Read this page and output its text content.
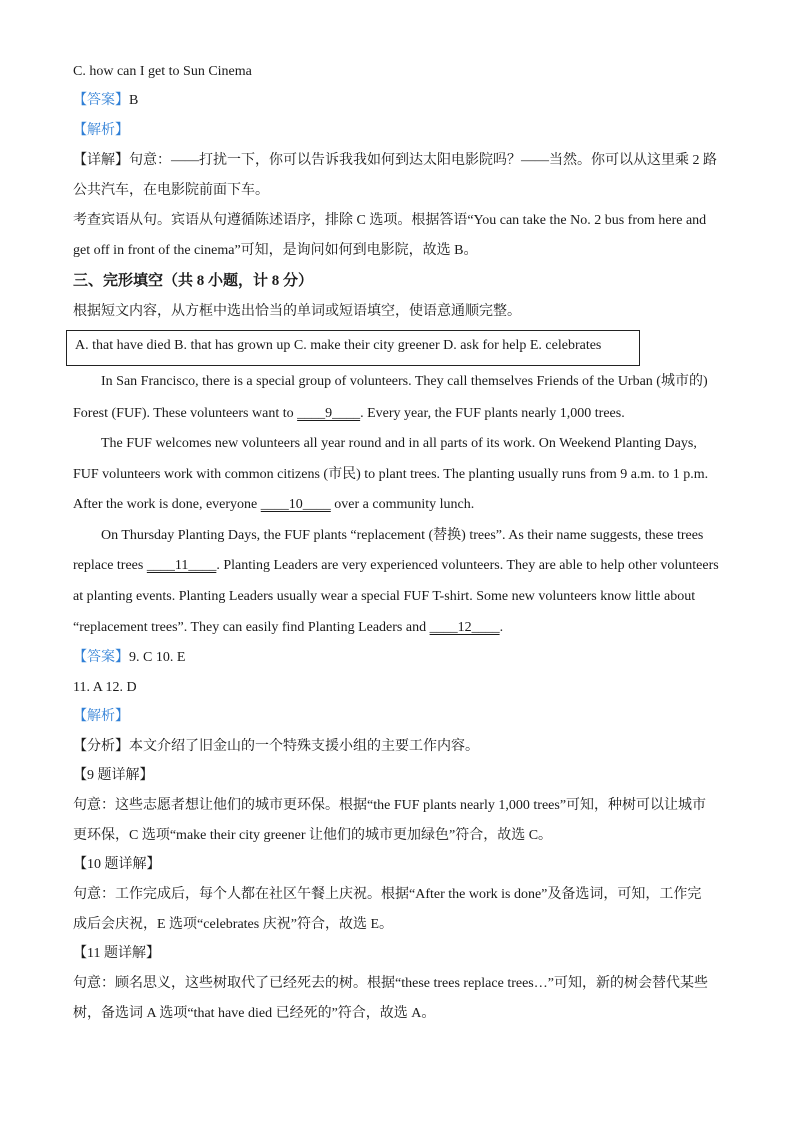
C. how can I get to Sun Cinema
【答案】B
【解析】
【详解】句意：——打扰一下，你可以告诉我我如何到达太阳电影院吗？——当然。你可以从这里乘 2 路
公共汽车，在电影院前面下车。
考查宾语从句。宾语从句遵循陈述语序，排除 C 选项。根据答语“You can take the No. 2 bus from here and
get off in front of the cinema”可知，是询问如何到电影院，故选 B。
三、完形填空（共 8 小题，计 8 分）
根据短文内容，从方框中选出恰当的单词或短语填空，使语意通顺完整。
A. that have died B. that has grown up C. make their city greener D. ask for help E. celebrates
In San Francisco, there is a special group of volunteers. They call themselves Friends of the Urban (城市的)
Forest (FUF). These volunteers want to ____9____. Every year, the FUF plants nearly 1,000 trees.
The FUF welcomes new volunteers all year round and in all parts of its work. On Weekend Planting Days,
FUF volunteers work with common citizens (市民) to plant trees. The planting usually runs from 9 a.m. to 1 p.m.
After the work is done, everyone ____10____ over a community lunch.
On Thursday Planting Days, the FUF plants “replacement (替换) trees”. As their name suggests, these trees
replace trees ____11____. Planting Leaders are very experienced volunteers. They are able to help other volunteers
at planting events. Planting Leaders usually wear a special FUF T-shirt. Some new volunteers know little about
“replacement trees”. They can easily find Planting Leaders and ____12____.
【答案】9. C 10. E
11. A 12. D
【解析】
【分析】本文介绍了旧金山的一个特殊支援小组的主要工作内容。
【9 题详解】
句意：这些志愿者想让他们的城市更环保。根据“the FUF plants nearly 1,000 trees”可知，种树可以让城市
更环保，C 选项“make their city greener 让他们的城市更加绿色”符合，故选 C。
【10 题详解】
句意：工作完成后，每个人都在社区午餐上庆祝。根据“After the work is done”及备选词，可知，工作完
成后会庆祝，E 选项“celebrates 庆祝”符合，故选 E。
【11 题详解】
句意：顾名思义，这些树取代了已经死去的树。根据“these trees replace trees…”可知，新的树会替代某些
树，备选词 A 选项“that have died 已经死的”符合，故选 A。
